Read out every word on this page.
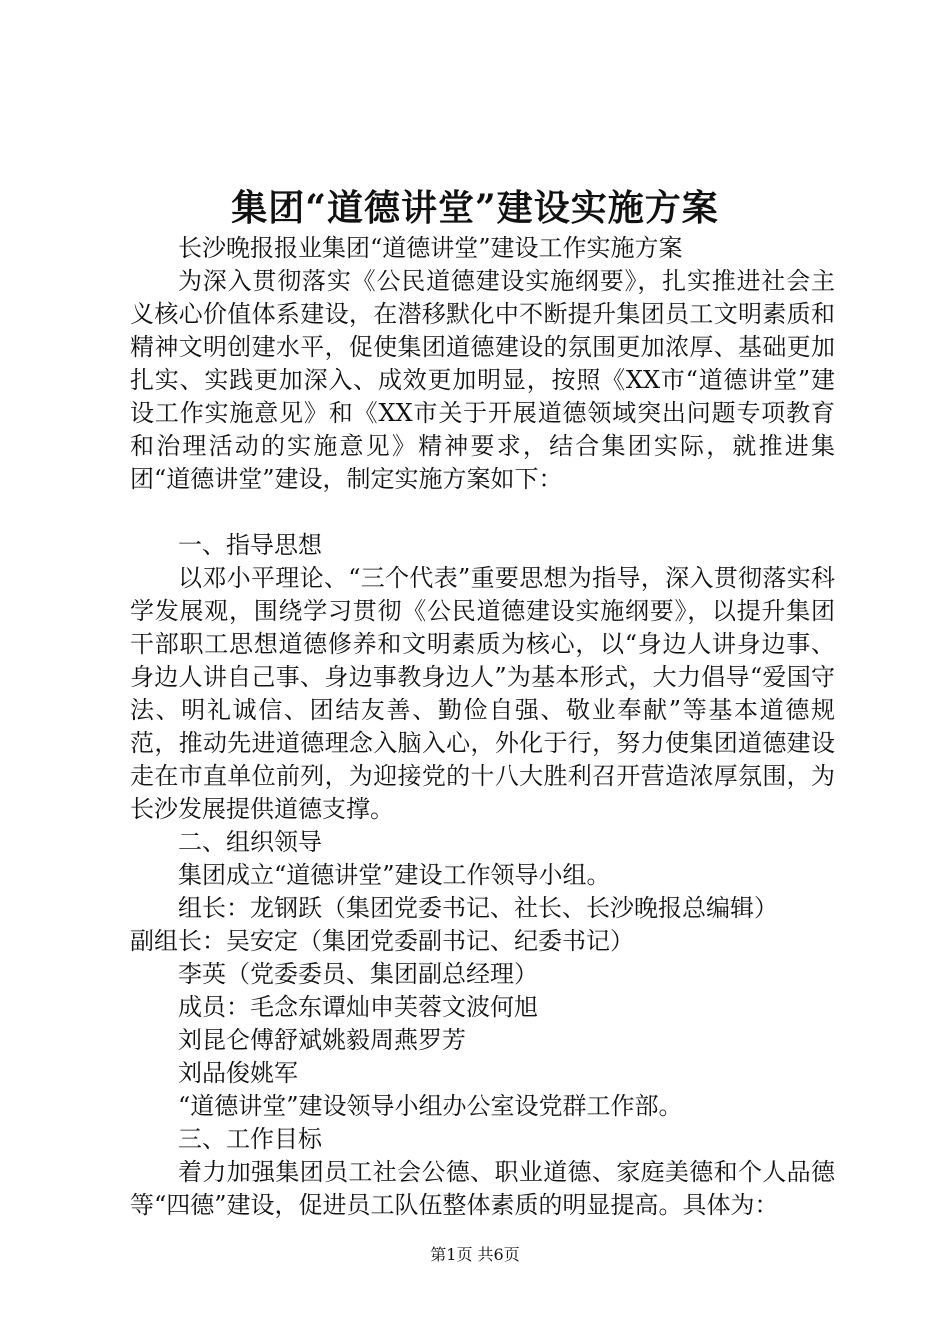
集团“道德讲堂”建设实施方案

长沙晚报报业集团“道德讲堂”建设工作实施方案

为深入贯彻落实《公民道德建设实施纲要》，扎实推进社会主义核心价值体系建设，在潜移默化中不断提升集团员工文明素质和精神文明创建水平，促使集团道德建设的氛围更加浓厚、基础更加扎实、实践更加深入、成效更加明显，按照《XX市“道德讲堂”建设工作实施意见》和《XX市关于开展道德领域突出问题专项教育和治理活动的实施意见》精神要求，结合集团实际，就推进集团“道德讲堂”建设，制定实施方案如下：

一、指导思想

以邓小平理论、“三个代表”重要思想为指导，深入贯彻落实科学发展观，围绕学习贯彻《公民道德建设实施纲要》，以提升集团干部职工思想道德修养和文明素质为核心，以“身边人讲身边事、身边人讲自己事、身边事教身边人”为基本形式，大力倡导“爱国守法、明礼诚信、团结友善、勤俭自强、敬业奉献”等基本道德规范，推动先进道德理念入脑入心，外化于行，努力使集团道德建设走在市直单位前列，为迎接党的十八大胜利召开营造浓厚氛围，为长沙发展提供道德支撑。

二、组织领导

集团成立“道德讲堂”建设工作领导小组。

组长：龙钢跃（集团党委书记、社长、长沙晚报总编辑）

副组长：吴安定（集团党委副书记、纪委书记）

李英（党委委员、集团副总经理）

成员：毛念东谭灿申芙蓉文波何旭

刘昆仑傅舒斌姚毅周燕罗芳

刘品俊姚军

“道德讲堂”建设领导小组办公室设党群工作部。

三、工作目标

着力加强集团员工社会公德、职业道德、家庭美德和个人品德等“四德”建设，促进员工队伍整体素质的明显提高。具体为：

第1页 共6页
